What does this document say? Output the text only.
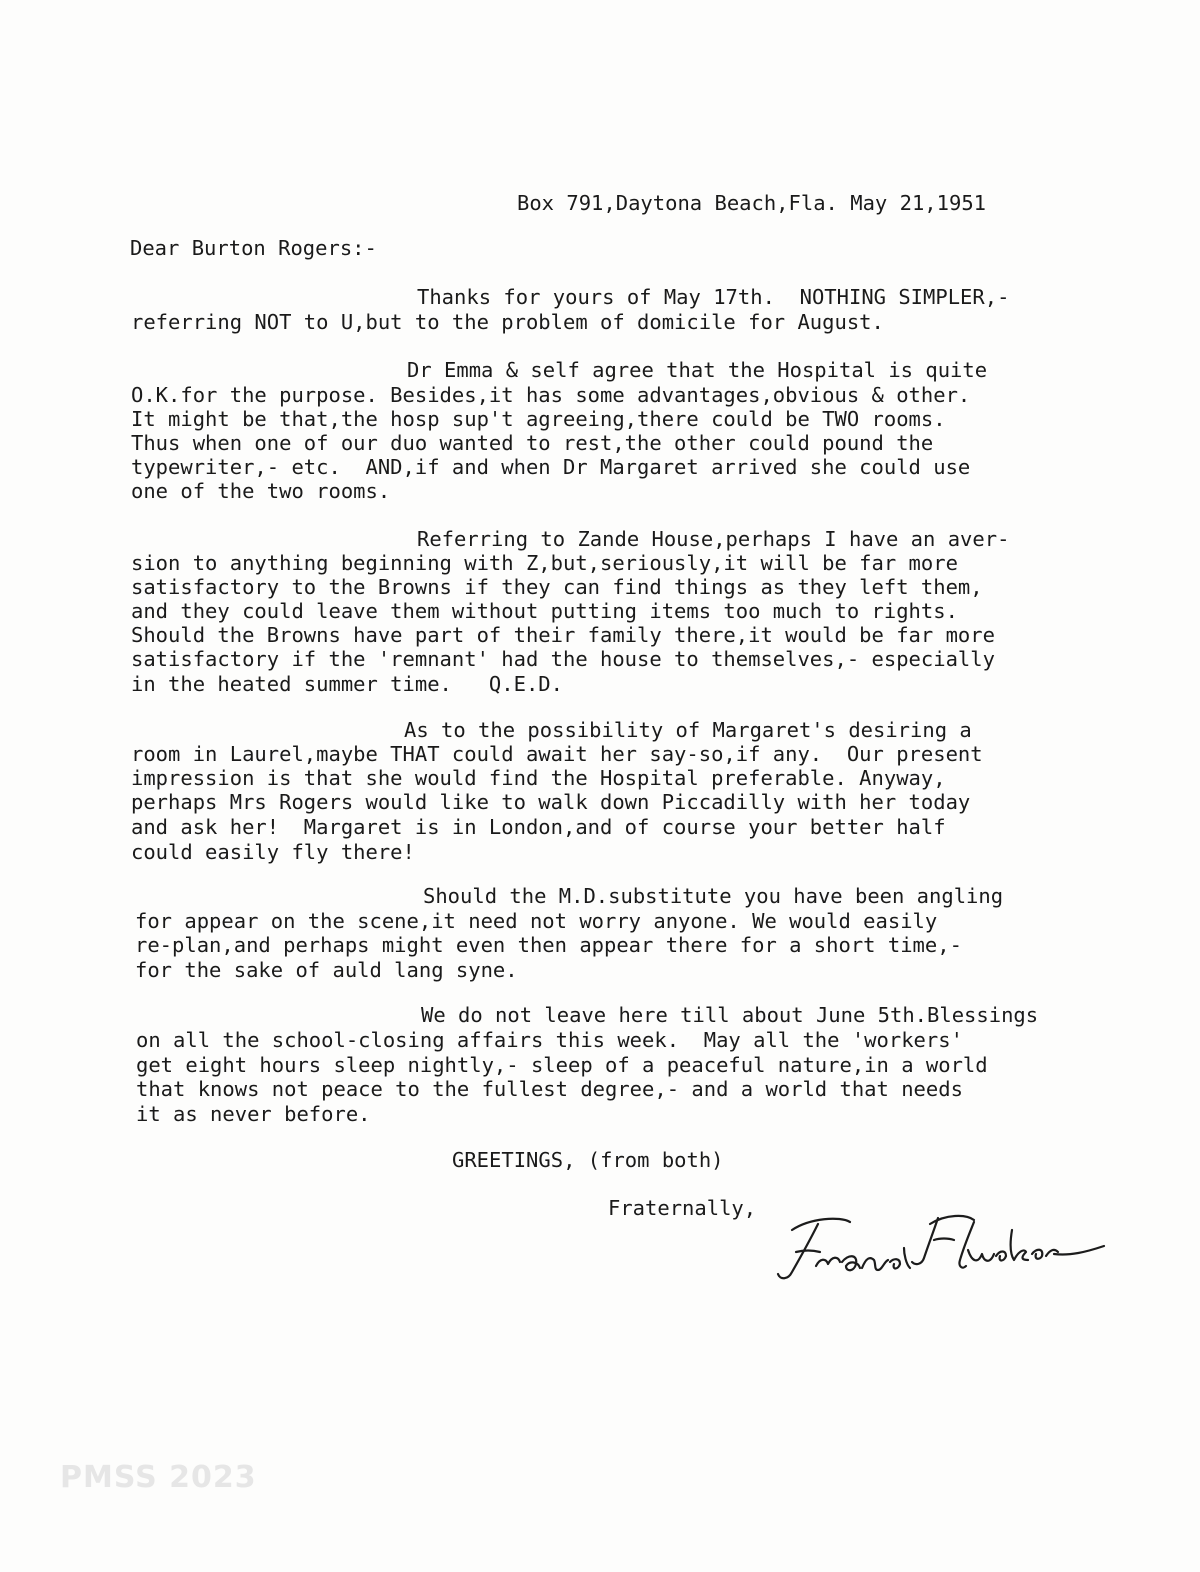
Box 791,Daytona Beach,Fla. May 21,1951
Dear Burton Rogers:-
Thanks for yours of May 17th.  NOTHING SIMPLER,-
referring NOT to U,but to the problem of domicile for August.
Dr Emma & self agree that the Hospital is quite
O.K.for the purpose. Besides,it has some advantages,obvious & other.
It might be that,the hosp sup't agreeing,there could be TWO rooms.
Thus when one of our duo wanted to rest,the other could pound the
typewriter,- etc.  AND,if and when Dr Margaret arrived she could use
one of the two rooms.
Referring to Zande House,perhaps I have an aver-
sion to anything beginning with Z,but,seriously,it will be far more
satisfactory to the Browns if they can find things as they left them,
and they could leave them without putting items too much to rights.
Should the Browns have part of their family there,it would be far more
satisfactory if the 'remnant' had the house to themselves,- especially
in the heated summer time.   Q.E.D.
As to the possibility of Margaret's desiring a
room in Laurel,maybe THAT could await her say-so,if any.  Our present
impression is that she would find the Hospital preferable. Anyway,
perhaps Mrs Rogers would like to walk down Piccadilly with her today
and ask her!  Margaret is in London,and of course your better half
could easily fly there!
Should the M.D.substitute you have been angling
for appear on the scene,it need not worry anyone. We would easily
re-plan,and perhaps might even then appear there for a short time,-
for the sake of auld lang syne.
We do not leave here till about June 5th.Blessings
on all the school-closing affairs this week.  May all the 'workers'
get eight hours sleep nightly,- sleep of a peaceful nature,in a world
that knows not peace to the fullest degree,- and a world that needs
it as never before.
GREETINGS, (from both)
Fraternally,
PMSS 2023
